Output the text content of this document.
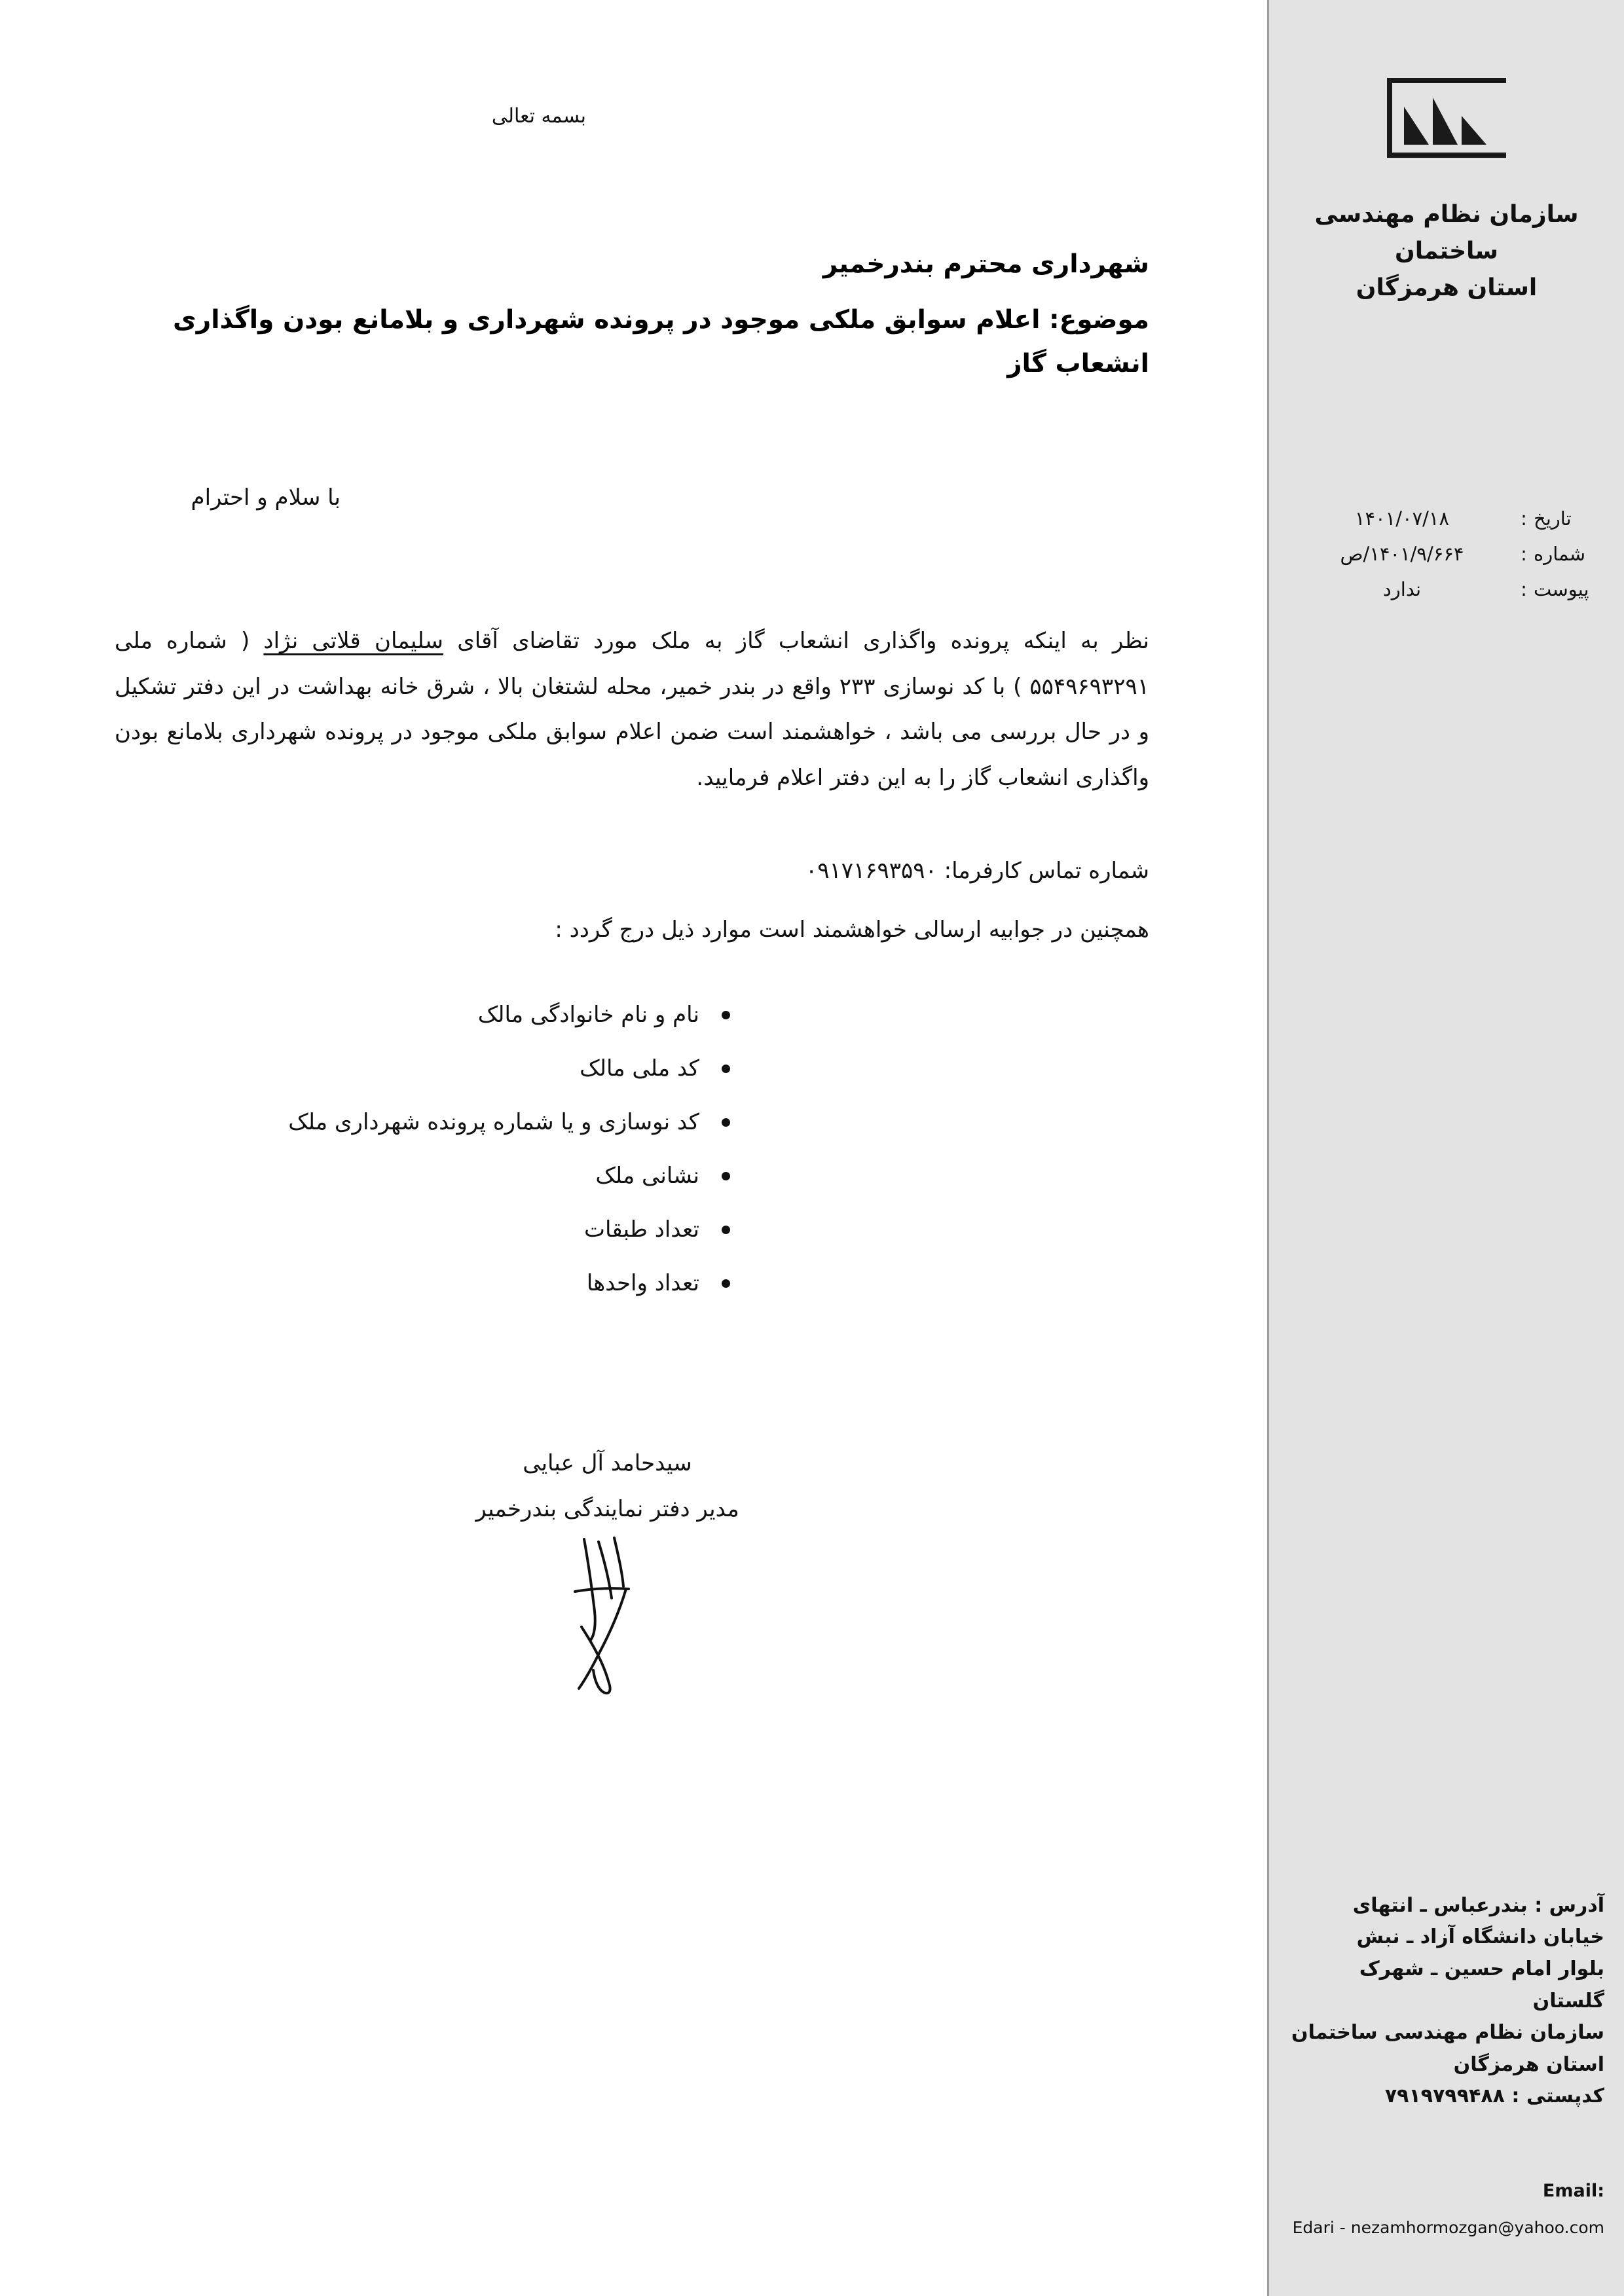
بسمه تعالی
شهرداری محترم بندرخمیر
موضوع: اعلام سوابق ملکی موجود در پرونده شهرداری و بلامانع بودن واگذاری انشعاب گاز
با سلام و احترام
نظر به اینکه پرونده واگذاری انشعاب گاز به ملک مورد تقاضای آقای سلیمان قلاتی نژاد ( شماره ملی ۵۵۴۹۶۹۳۲۹۱ ) با کد نوسازی ۲۳۳ واقع در بندر خمیر، محله لشتغان بالا ، شرق خانه بهداشت در این دفتر تشکیل و در حال بررسی می باشد ، خواهشمند است ضمن اعلام سوابق ملکی موجود در پرونده شهرداری بلامانع بودن واگذاری انشعاب گاز را به این دفتر اعلام فرمایید.
شماره تماس کارفرما: ۰۹۱۷۱۶۹۳۵۹۰
همچنین در جوابیه ارسالی خواهشمند است موارد ذیل درج گردد :
نام و نام خانوادگی مالک
کد ملی مالک
کد نوسازی و یا شماره پرونده شهرداری ملک
نشانی ملک
تعداد طبقات
تعداد واحدها
سیدحامد آل عبایی
مدیر دفتر نمایندگی بندرخمیر
سازمان نظام مهندسی ساختمان
استان هرمزگان
تاریخ
:
۱۴۰۱/۰۷/۱۸
شماره
:
۱۴۰۱/۹/۶۶۴/ص
پیوست
:
ندارد
آدرس : بندرعباس ـ انتهای
خیابان دانشگاه آزاد ـ نبش
بلوار امام حسین ـ شهرک
گلستان
سازمان نظام مهندسی ساختمان
استان هرمزگان
کدپستی : ۷۹۱۹۷۹۹۴۸۸
Email:
Edari - nezamhormozgan@yahoo.com
